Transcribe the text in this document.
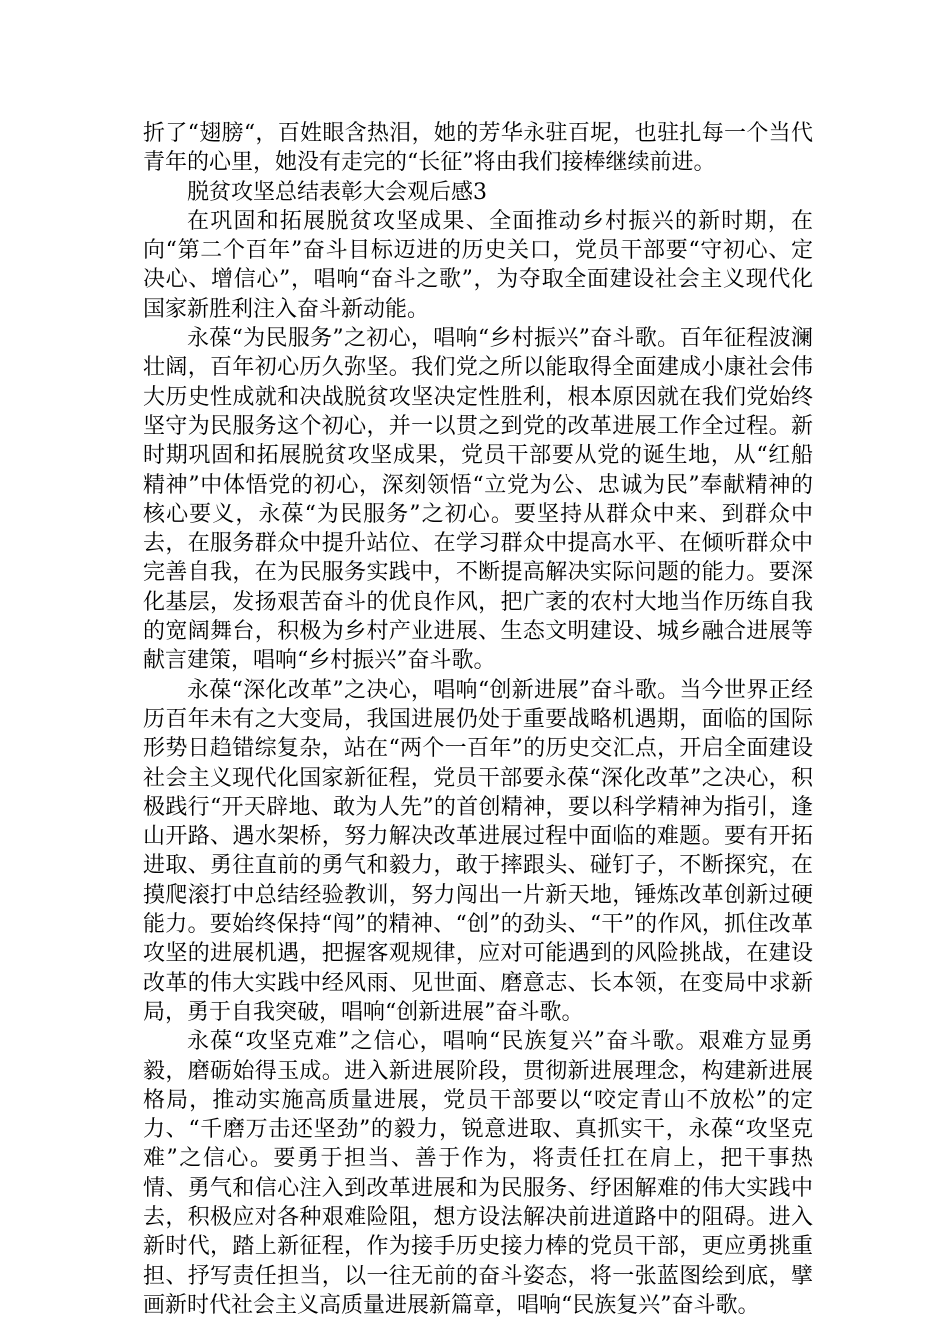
折了“翅膀“，百姓眼含热泪，她的芳华永驻百坭，也驻扎每一个当代青年的心里，她没有走完的“长征”将由我们接棒继续前进。

脱贫攻坚总结表彰大会观后感3

在巩固和拓展脱贫攻坚成果、全面推动乡村振兴的新时期，在向“第二个百年”奋斗目标迈进的历史关口，党员干部要“守初心、定决心、增信心”，唱响“奋斗之歌”，为夺取全面建设社会主义现代化国家新胜利注入奋斗新动能。

永葆“为民服务”之初心，唱响“乡村振兴”奋斗歌。百年征程波澜壮阔，百年初心历久弥坚。我们党之所以能取得全面建成小康社会伟大历史性成就和决战脱贫攻坚决定性胜利，根本原因就在我们党始终坚守为民服务这个初心，并一以贯之到党的改革进展工作全过程。新时期巩固和拓展脱贫攻坚成果，党员干部要从党的诞生地，从“红船精神”中体悟党的初心，深刻领悟“立党为公、忠诚为民”奉献精神的核心要义，永葆“为民服务”之初心。要坚持从群众中来、到群众中去，在服务群众中提升站位、在学习群众中提高水平、在倾听群众中完善自我，在为民服务实践中，不断提高解决实际问题的能力。要深化基层，发扬艰苦奋斗的优良作风，把广袤的农村大地当作历练自我的宽阔舞台，积极为乡村产业进展、生态文明建设、城乡融合进展等献言建策，唱响“乡村振兴”奋斗歌。

永葆“深化改革”之决心，唱响“创新进展”奋斗歌。当今世界正经历百年未有之大变局，我国进展仍处于重要战略机遇期，面临的国际形势日趋错综复杂，站在“两个一百年”的历史交汇点，开启全面建设社会主义现代化国家新征程，党员干部要永葆“深化改革”之决心，积极践行“开天辟地、敢为人先”的首创精神，要以科学精神为指引，逢山开路、遇水架桥，努力解决改革进展过程中面临的难题。要有开拓进取、勇往直前的勇气和毅力，敢于摔跟头、碰钉子，不断探究，在摸爬滚打中总结经验教训，努力闯出一片新天地，锤炼改革创新过硬能力。要始终保持“闯”的精神、“创”的劲头、“干”的作风，抓住改革攻坚的进展机遇，把握客观规律，应对可能遇到的风险挑战，在建设改革的伟大实践中经风雨、见世面、磨意志、长本领，在变局中求新局，勇于自我突破，唱响“创新进展”奋斗歌。

永葆“攻坚克难”之信心，唱响“民族复兴”奋斗歌。艰难方显勇毅，磨砺始得玉成。进入新进展阶段，贯彻新进展理念，构建新进展格局，推动实施高质量进展，党员干部要以“咬定青山不放松”的定力、“千磨万击还坚劲”的毅力，锐意进取、真抓实干，永葆“攻坚克难”之信心。要勇于担当、善于作为，将责任扛在肩上，把干事热情、勇气和信心注入到改革进展和为民服务、纾困解难的伟大实践中去，积极应对各种艰难险阻，想方设法解决前进道路中的阻碍。进入新时代，踏上新征程，作为接手历史接力棒的党员干部，更应勇挑重担、抒写责任担当，以一往无前的奋斗姿态，将一张蓝图绘到底，擘画新时代社会主义高质量进展新篇章，唱响“民族复兴”奋斗歌。
